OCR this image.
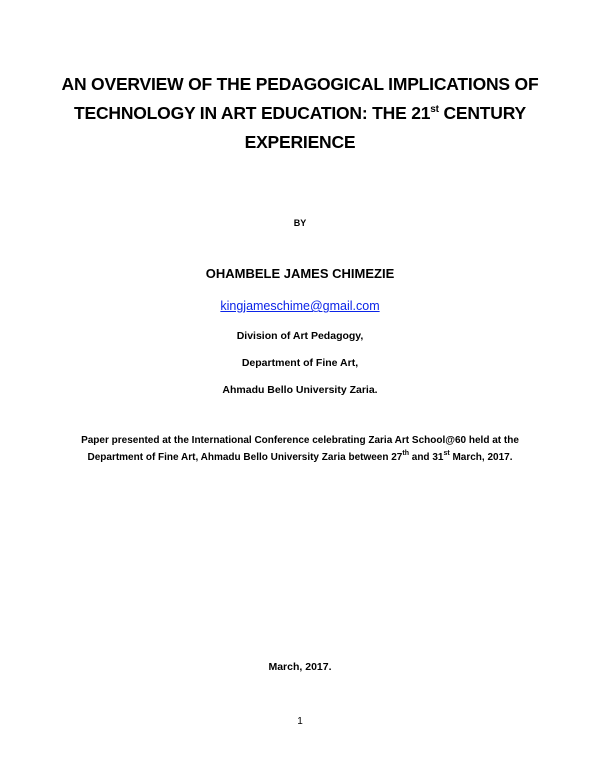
AN OVERVIEW OF THE PEDAGOGICAL IMPLICATIONS OF
TECHNOLOGY IN ART EDUCATION: THE 21st CENTURY
EXPERIENCE
BY
OHAMBELE JAMES CHIMEZIE
kingjameschime@gmail.com
Division of Art Pedagogy,
Department of Fine Art,
Ahmadu Bello University Zaria.
Paper presented at the International Conference celebrating Zaria Art School@60 held at the
Department of Fine Art, Ahmadu Bello University Zaria between 27th and 31st March, 2017.
March, 2017.
1
